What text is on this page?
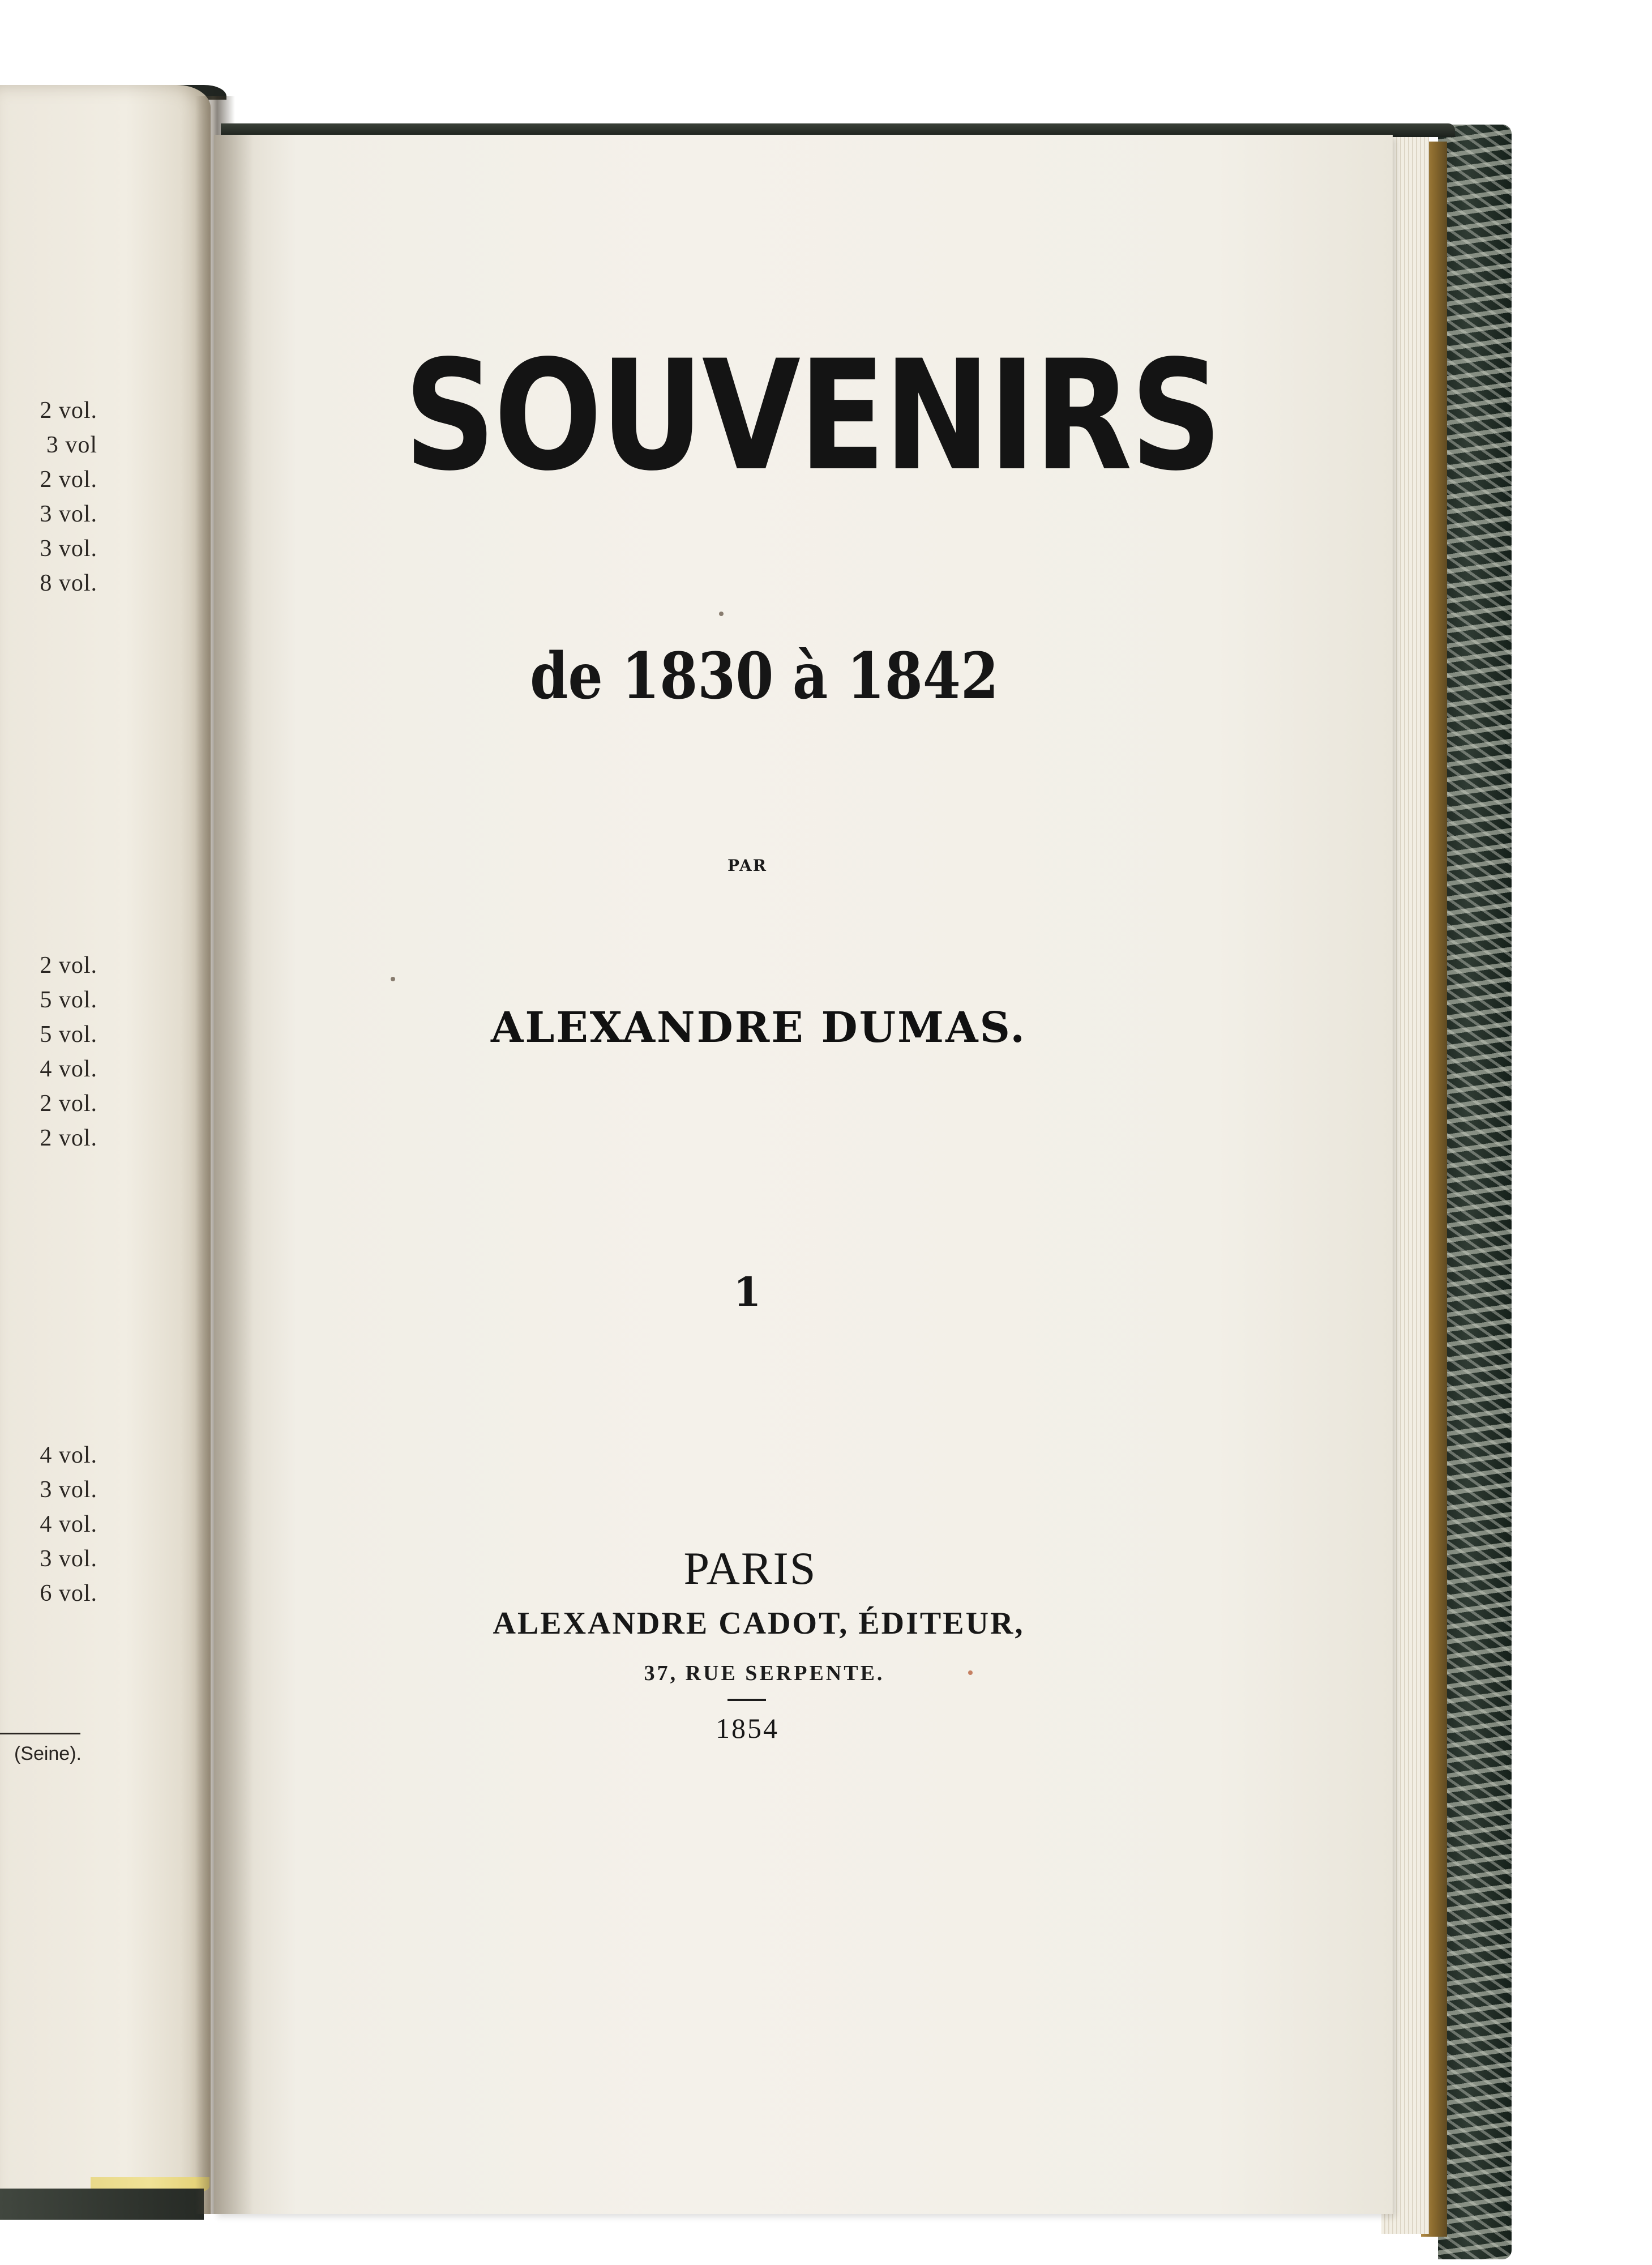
2 vol.
3 vol
2 vol.
3 vol.
3 vol.
8 vol.
2 vol.
5 vol.
5 vol.
4 vol.
2 vol.
2 vol.
4 vol.
3 vol.
4 vol.
3 vol.
6 vol.
(Seine).
SOUVENIRS
de 1830 à 1842
PAR
ALEXANDRE DUMAS.
1
PARIS
ALEXANDRE CADOT, ÉDITEUR,
37, RUE SERPENTE.
1854
